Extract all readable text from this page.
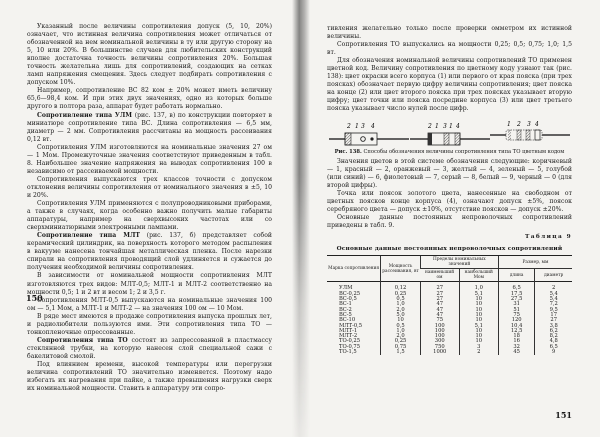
Указанный после величины сопротивления допуск (5, 10, 20%) означает, что истинная величина сопротивления может отличаться от обозначенной на нем номинальной величины в ту или другую сторону на 5, 10 или 20%. В большинстве случаев для любительских конструкций вполне достаточна точность величины сопротивления 20%. Большая точность желательна лишь для сопротивлений, создающих на сетках ламп напряжения смещения. Здесь следует подбирать сопротивления с допуском 10%.

Например, сопротивление ВС 82 ком ± 20% может иметь величину 65,6—98,4 ком. И при этих двух значениях, одно из которых больше другого в полтора раза, аппарат будет работать нормально.

Сопротивление типа УЛМ (рис. 137, в) по конструкции повторяет в миниатюре сопротивление типа ВС. Длина сопротивления — 6,5 мм, диаметр — 2 мм. Сопротивления рассчитаны на мощность рассеивания 0,12 вт.

Сопротивления УЛМ изготовляются на номинальные значения 27 ом — 1 Мом. Промежуточные значения соответствуют приведенным в табл. 8. Наибольшее значение напряжения на выводах сопротивления 100 в независимо от рассеиваемой мощности.

Сопротивления выпускаются трех классов точности с допуском отклонения величины сопротивления от номинального значения в ±5, 10 и 20%.

Сопротивления УЛМ применяются с полупроводниковыми приборами, а также в случаях, когда особенно важно получить малые габариты аппаратуры, например на сверхвысоких частотах или со сверхминиатюрными электронными лампами.

Сопротивление типа МЛТ (рис. 137, б) представляет собой керамический цилиндрик, на поверхность которого методом распыления в вакууме нанесена тончайшая металлическая пленка. После нарезки спирали на сопротивления проводящий слой удлиняется и сужается до получения необходимой величины сопротивления.

В зависимости от номинальной мощности сопротивления МЛТ изготовляются трех видов: МЛТ-0,5; МЛТ-1 и МЛТ-2 соответственно на мощности 0,5; 1 и 2 вт и весом 1; 2 и 3,5 г.

Сопротивления МЛТ-0,5 выпускаются на номинальные значения 100 ом — 5,1 Мом, а МЛТ-1 и МЛТ-2 — на значения 100 ом — 10 Мом.

В ряде мест имеются в продаже сопротивления выпуска прошлых лет, и радиолюбители пользуются ими. Эти сопротивления типа ТО — тонкопленочные опрессованные.

Сопротивления типа ТО состоят из запрессованной в пластмассу стеклянной трубки, на которую нанесен слой специальной сажи с бакелитовой смолой.

Под влиянием времени, высокой температуры или перегрузки величина сопротивлений ТО значительно изменяется. Поэтому надо избегать их нагревания при пайке, а также превышения нагрузки сверх их номинальной мощности. Ставить в аппаратуру эти сопро-

150

тивления желательно только после проверки омметром их истинной величины.

Сопротивления ТО выпускались на мощности 0,25; 0,5; 0,75; 1,0; 1,5 вт.

Для обозначения номинальной величины сопротивлений ТО применен цветной код. Величину сопротивления по цветному коду узнают так (рис. 138): цвет окраски всего корпуса (1) или первого от края пояска (при трех поясках) обозначает первую цифру величины сопротивления; цвет пояска на конце (2) или цвет второго пояска при трех поясках указывает вторую цифру; цвет точки или пояска посредине корпуса (3) или цвет третьего пояска указывает число нулей после цифр.

2 1 3 4	2 1 3 1 4	1 2 3 4
Рис. 138. Способы обозначения величины сопротивления типа ТО цветным кодом

Значения цветов в этой системе обозначения следующие: коричневый — 1, красный — 2, оранжевый — 3, желтый — 4, зеленый — 5, голубой (или синий) — 6, фиолетовый — 7, серый — 8, белый — 9, черный — 0 (для второй цифры).

Точка или поясок золотого цвета, нанесенные на свободном от цветных поясков конце корпуса (4), означают допуск ±5%, поясок серебряного цвета — допуск ±10%, отсутствие поясков — допуск ±20%.

Основные данные постоянных непроволочных сопротивлений приведены в табл. 9.

Таблица 9
Основные данные постоянных непроволочных сопротивлений
Марка сопротивления	Мощность рассеивания, вт	Пределы номинальных значений		Размер, мм	
		наименьший ом	наибольший Мом	длина	диаметр
УЛМ	0,12	27	1,0	6,5	2
ВС-0,25	0,25	27	5,1	17,5	5,4
ВС-0,5	0,5	27	10	27,5	5,4
ВС-1	1,0	47	10	31	7,2
ВС-2	2,0	47	10	51	9,5
ВС-5	5,0	47	10	75	17
ВС-10	10	75	10	120	27
МЛТ-0,5	0,5	100	5,1	10,4	3,8
МЛТ-1	1,0	100	10	12,5	6,2
МЛТ-2	2,0	100	10	18	8,2
ТО-0,25	0,25	300	10	16	4,8
ТО-0,75	0,75	750	3	32	6,5
ТО-1,5	1,5	1000	2	45	9
151
